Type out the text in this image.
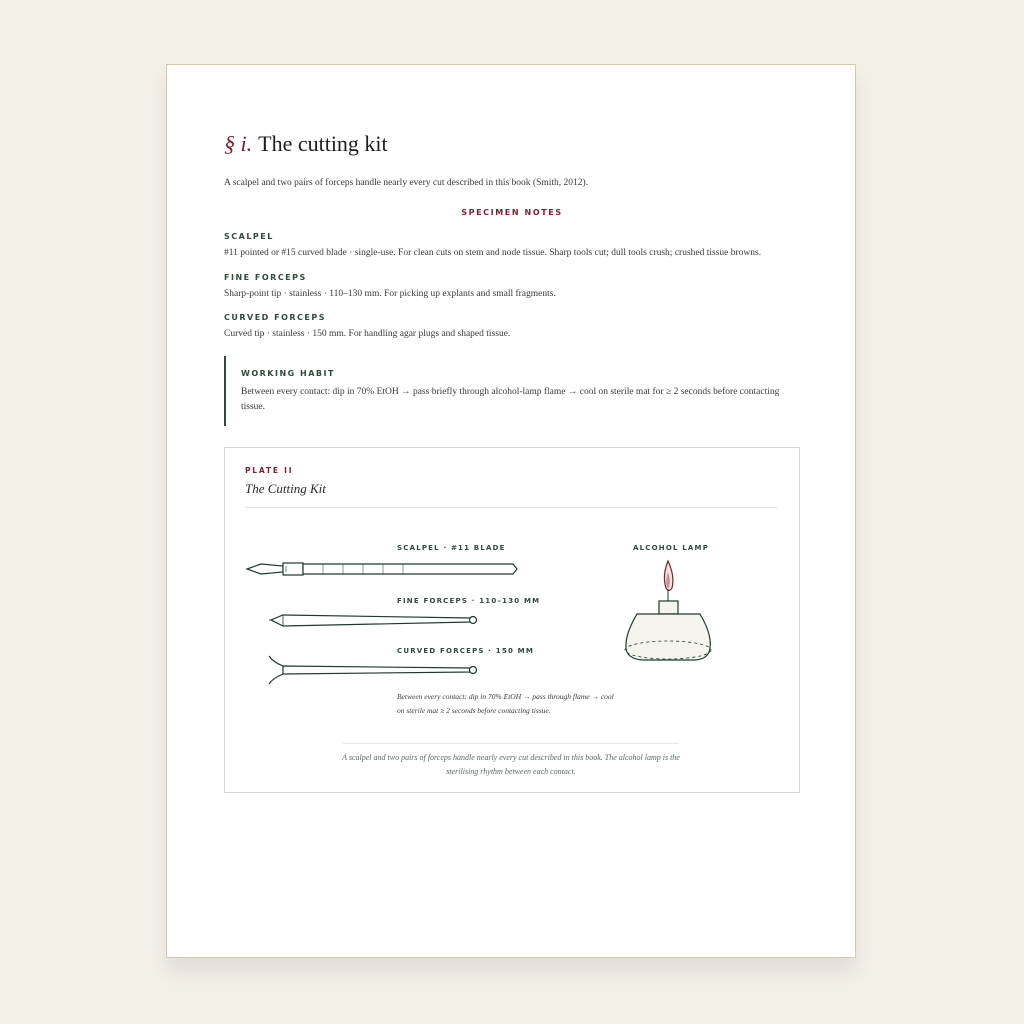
§ i. The cutting kit
A scalpel and two pairs of forceps handle nearly every cut described in this book (Smith, 2012).
SPECIMEN NOTES
SCALPEL
#11 pointed or #15 curved blade · single-use. For clean cuts on stem and node tissue. Sharp tools cut; dull tools crush; crushed tissue browns.
FINE FORCEPS
Sharp-point tip · stainless · 110–130 mm. For picking up explants and small fragments.
CURVED FORCEPS
Curved tip · stainless · 150 mm. For handling agar plugs and shaped tissue.
WORKING HABIT
Between every contact: dip in 70% EtOH → pass briefly through alcohol-lamp flame → cool on sterile mat for ≥ 2 seconds before contacting tissue.
PLATE II
The Cutting Kit
SCALPEL · #11 BLADE
FINE FORCEPS · 110–130 MM
CURVED FORCEPS · 150 MM
ALCOHOL LAMP
Between every contact: dip in 70% EtOH → pass through flame → cool on sterile mat ≥ 2 seconds before contacting tissue.
A scalpel and two pairs of forceps handle nearly every cut described in this book. The alcohol lamp is the sterilising rhythm between each contact.
